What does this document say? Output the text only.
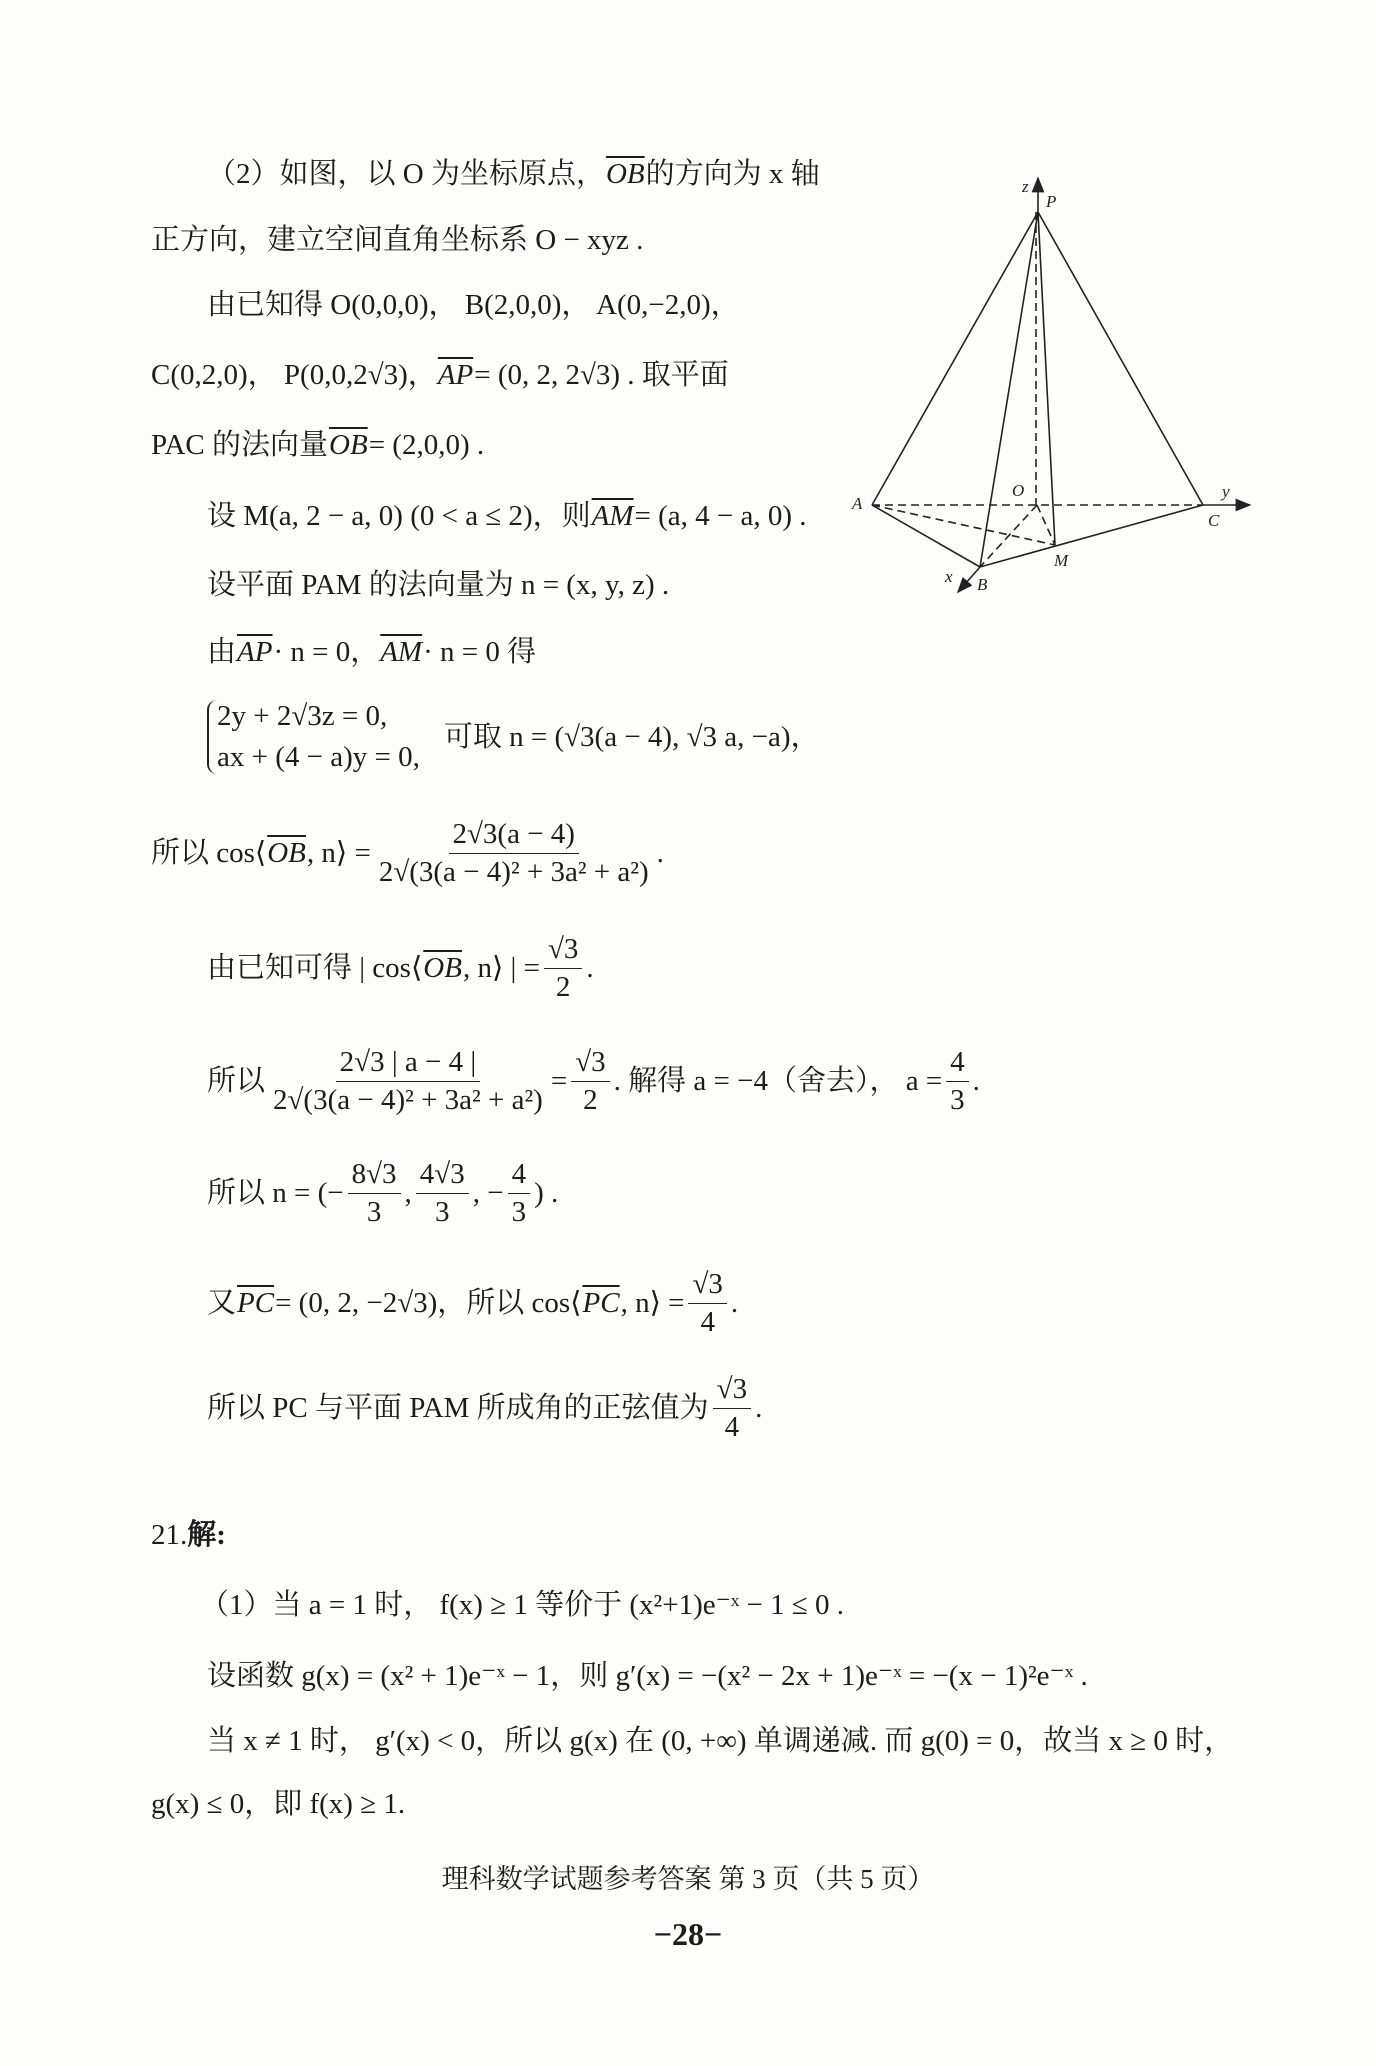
（2）如图，以 O 为坐标原点， $\overline{OB}$ 的方向为 x 轴
正方向，建立空间直角坐标系 O − xyz .
由已知得 O(0,0,0)， B(2,0,0)， A(0,−2,0)，
C(0,2,0)， P(0,0,2√3)， $\overline{AP} = (0$, 2, 2√3) . 取平面
PAC 的法向量 $\overline{OB} = (2,0,0)$ .
设 M(a, 2 − a, 0) (0 < a ≤ 2)，则 $\overline{AM} = (a$, 4 − a, 0) .
设平面 PAM 的法向量为 n = (x, y, z) .
由 $\overline{AP} \cdot n = 0$， $\overline{AM} \cdot n = 0$ 得
2y + 2√3z = 0,
ax + (4 − a)y = 0,
可取 n = (√3(a − 4), √3 a, −a)，
所以 cos⟨ $\overline{OB}$ , n⟩ = $\frac{2√3(a - 4)}{\text{2√(3(a − 4)² + 3a² + a²)}}$ .
由已知可得 | cos⟨ $\overline{OB}$ , n⟩ | = $\frac{√3}{2}$ .
所以 $\frac{2√3 | a - 4 |}{\text{2√(3(a − 4)² + 3a² + a²)}} = \frac{√3}{2}$ . 解得 a = −4（舍去）， $a = \frac{4}{3}$ .
所以 n = (− $\frac{8√3}{3}$ , $\frac{4√3}{3}$ , − $\frac{4}{3}$ ) .
又 $\overline{PC} = (0$, 2, −2√3)，所以 cos⟨ $\overline{PC}$ , n⟩ = $\frac{√3}{4}$ .
所以 PC 与平面 PAM 所成角的正弦值为 $\frac{√3}{4}$ .
21. 解:
（1）当 a = 1 时， f(x) ≥ 1 等价于 (x²+1)e⁻ˣ − 1 ≤ 0 .
设函数 g(x) = (x² + 1)e⁻ˣ − 1，则 g′(x) = −(x² − 2x + 1)e⁻ˣ = −(x − 1)²e⁻ˣ .
当 x ≠ 1 时， g′(x) < 0，所以 g(x) 在 (0, +∞) 单调递减. 而 g(0) = 0，故当 x ≥ 0 时，
g(x) ≤ 0，即 f(x) ≥ 1.
理科数学试题参考答案 第 3 页（共 5 页）
−28−
z
P
A
O	y
C
M
x B
